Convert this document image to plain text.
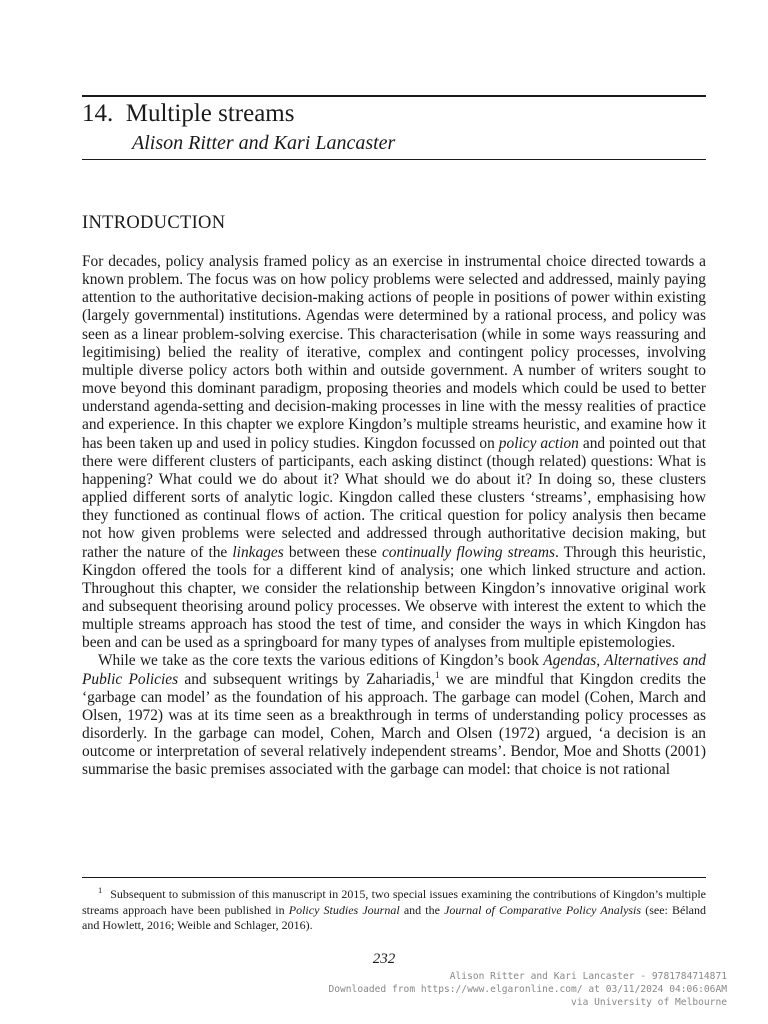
14. Multiple streams
Alison Ritter and Kari Lancaster
INTRODUCTION

For decades, policy analysis framed policy as an exercise in instrumental choice directed towards a known problem. The focus was on how policy problems were selected and addressed, mainly paying attention to the authoritative decision-making actions of people in positions of power within existing (largely governmental) institutions. Agendas were determined by a rational process, and policy was seen as a linear problem-solving exercise. This characterisation (while in some ways reassuring and legitimising) belied the reality of iterative, complex and contingent policy processes, involving multiple diverse policy actors both within and outside government. A number of writers sought to move beyond this dominant paradigm, proposing theories and models which could be used to better understand agenda-setting and decision-making processes in line with the messy realities of practice and experience. In this chapter we explore Kingdon’s multiple streams heuristic, and examine how it has been taken up and used in policy studies. Kingdon focussed on policy action and pointed out that there were different clusters of participants, each asking distinct (though related) questions: What is happening? What could we do about it? What should we do about it? In doing so, these clusters applied different sorts of analytic logic. Kingdon called these clusters ‘streams’, emphasising how they functioned as continual flows of action. The critical question for policy analysis then became not how given problems were selected and addressed through authoritative decision making, but rather the nature of the linkages between these continually flowing streams. Through this heuristic, Kingdon offered the tools for a different kind of analysis; one which linked structure and action. Throughout this chapter, we consider the relationship between Kingdon’s innovative original work and subsequent theorising around policy processes. We observe with interest the extent to which the multiple streams approach has stood the test of time, and consider the ways in which Kingdon has been and can be used as a springboard for many types of analyses from multiple epistemologies.

While we take as the core texts the various editions of Kingdon’s book Agendas, Alternatives and Public Policies and subsequent writings by Zahariadis,$^1$ we are mindful that Kingdon credits the ‘garbage can model’ as the foundation of his approach. The garbage can model (Cohen, March and Olsen, 1972) was at its time seen as a breakthrough in terms of understanding policy processes as disorderly. In the garbage can model, Cohen, March and Olsen (1972) argued, ‘a decision is an outcome or interpretation of several relatively independent streams’. Bendor, Moe and Shotts (2001) summarise the basic premises associated with the garbage can model: that choice is not rational

$^1$ Subsequent to submission of this manuscript in 2015, two special issues examining the contributions of Kingdon’s multiple streams approach have been published in Policy Studies Journal and the Journal of Comparative Policy Analysis (see: Béland and Howlett, 2016; Weible and Schlager, 2016).
232
Alison Ritter and Kari Lancaster - 9781784714871
Downloaded from https://www.elgaronline.com/ at 03/11/2024 04:06:06AM
via University of Melbourne
